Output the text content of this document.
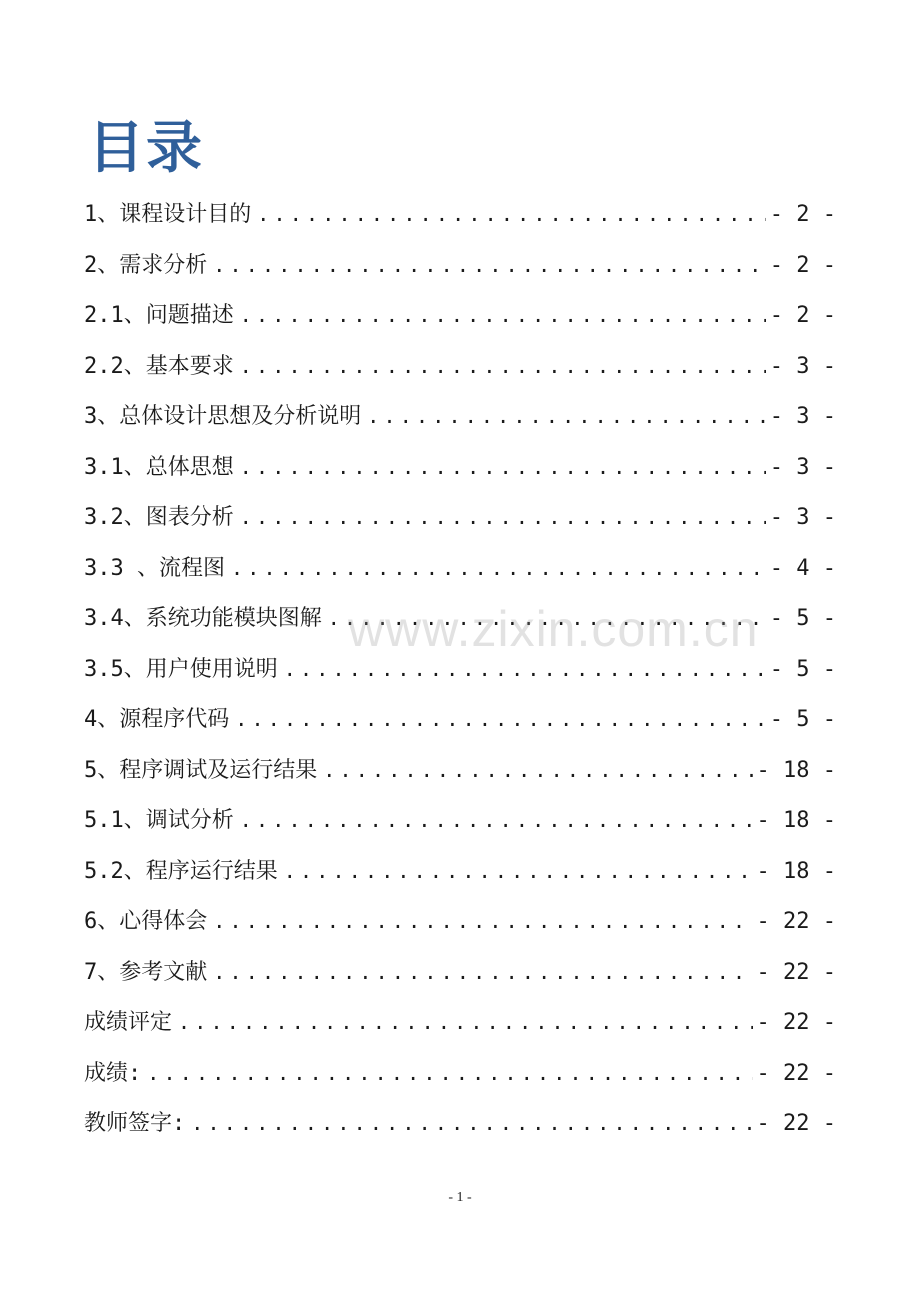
目录
1、课程设计目的 .....	- 2 -
2、需求分析 .....	- 2 -
2.1、问题描述 .....	- 2 -
2.2、基本要求 .....	- 3 -
3、总体设计思想及分析说明 .....	- 3 -
3.1、总体思想 .....	- 3 -
3.2、图表分析 .....	- 3 -
3.3 、流程图 .....	- 4 -
3.4、系统功能模块图解 .....	- 5 -
3.5、用户使用说明 .....	- 5 -
4、源程序代码 .....	- 5 -
5、程序调试及运行结果 .....	- 18 -
5.1、调试分析 .....	- 18 -
5.2、程序运行结果 .....	- 18 -
6、心得体会 .....	- 22 -
7、参考文献 .....	- 22 -
成绩评定 .....	- 22 -
成绩: .....	- 22 -
教师签字: .....	- 22 -
www.zixin.com.cn
- 1 -
